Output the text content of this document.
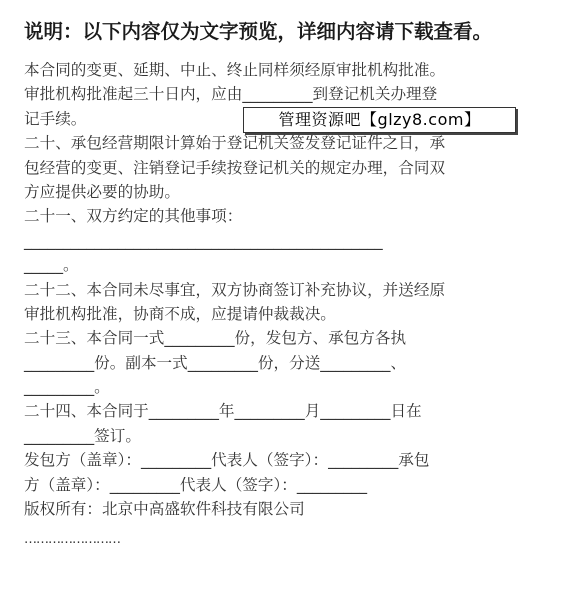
说明：以下内容仅为文字预览，详细内容请下载查看。
本合同的变更、延期、中止、终止同样须经原审批机构批准。
审批机构批准起三十日内，应由_________到登记机关办理登
记手续。
二十、承包经营期限计算始于登记机关签发登记证件之日，承
包经营的变更、注销登记手续按登记机关的规定办理，合同双
方应提供必要的协助。
二十一、双方约定的其他事项：
______________________________________________
_____。
二十二、本合同未尽事宜，双方协商签订补充协议，并送经原
审批机构批准，协商不成，应提请仲裁裁决。
二十三、本合同一式_________份，发包方、承包方各执
_________份。副本一式_________份，分送_________、
_________。
二十四、本合同于_________年_________月_________日在
_________签订。
发包方（盖章）：_________代表人（签字）：_________承包
方（盖章）：_________代表人（签字）：_________
版权所有：北京中高盛软件科技有限公司
管理资源吧【glzy8.com】
……………………
